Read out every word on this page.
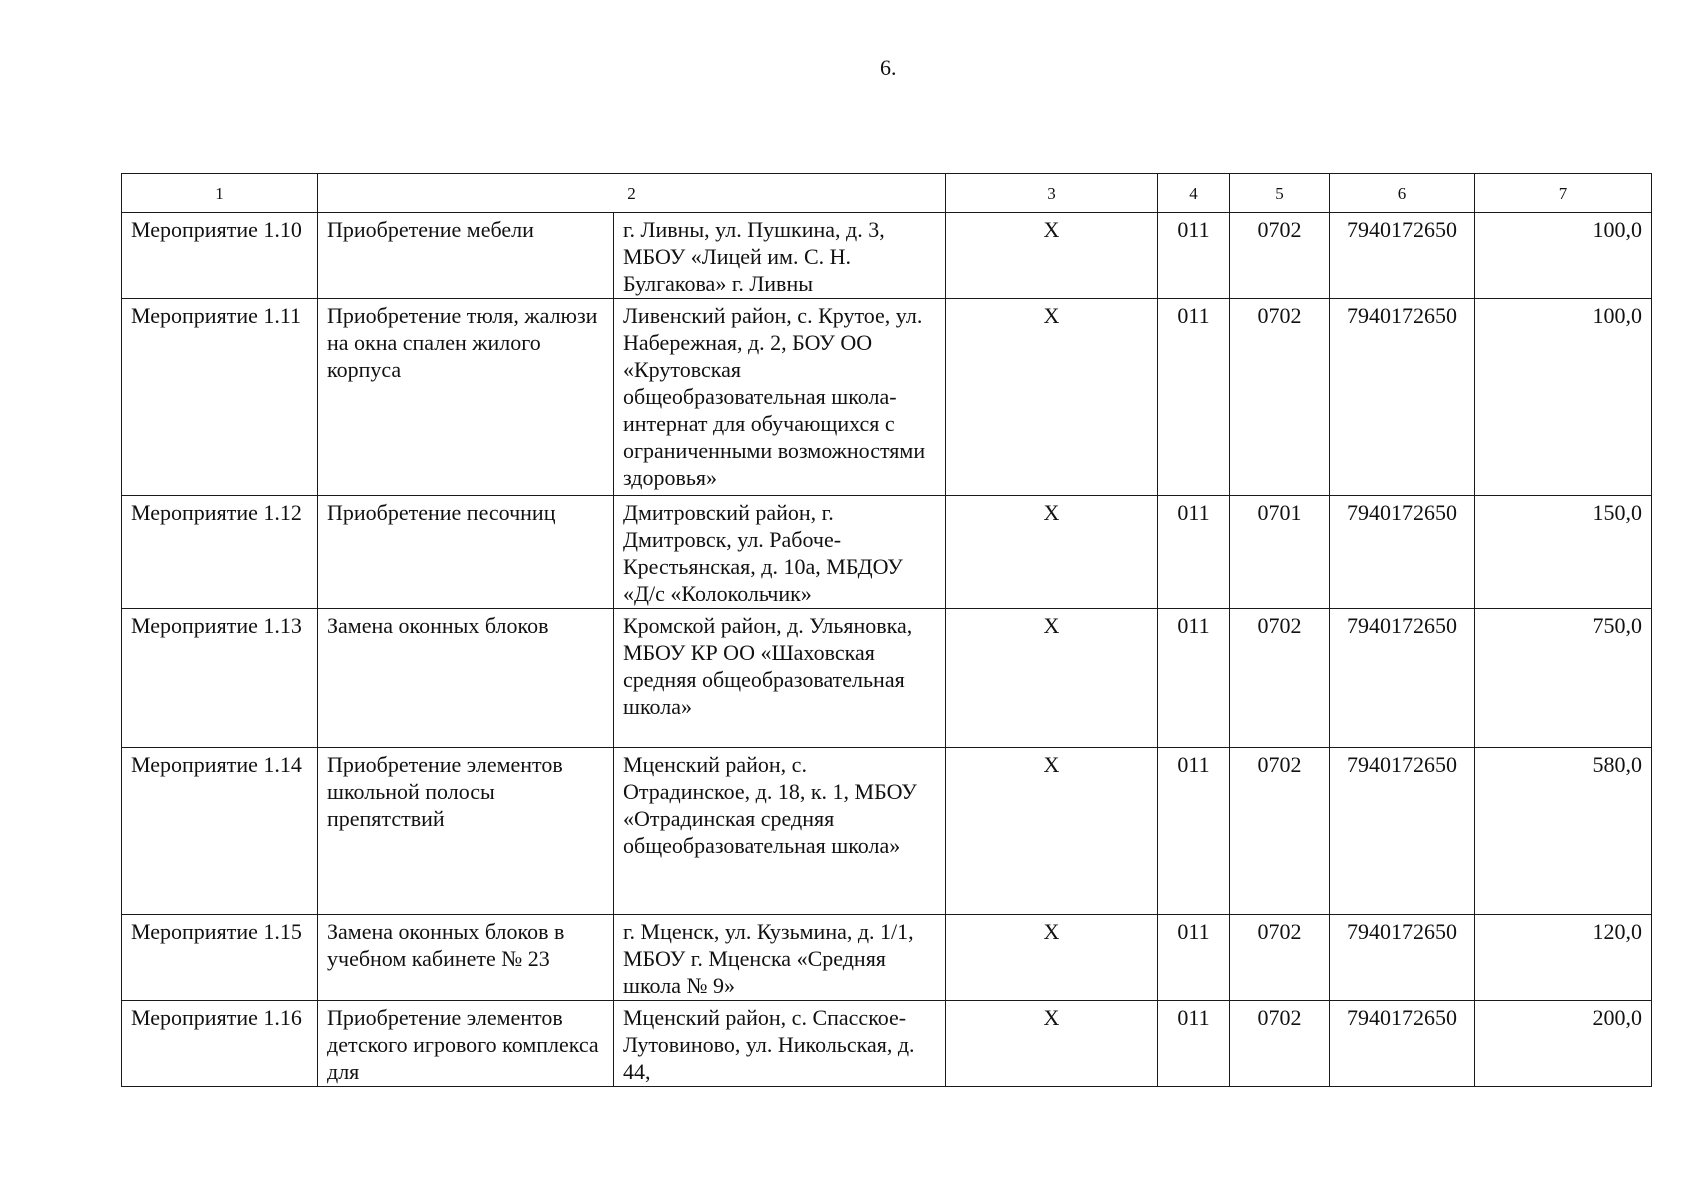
6.
1	2		3	4	5	6	7
Мероприятие 1.10	Приобретение мебели	г. Ливны, ул. Пушкина, д. 3, МБОУ «Лицей им. С. Н. Булгакова» г. Ливны	Х	011	0702	7940172650	100,0
Мероприятие 1.11	Приобретение тюля, жалюзи на окна спален жилого корпуса	Ливенский район, с. Крутое, ул. Набережная, д. 2, БОУ ОО «Крутовская общеобразовательная школа-интернат для обучающихся с ограниченными возможностями здоровья»	Х	011	0702	7940172650	100,0
Мероприятие 1.12	Приобретение песочниц	Дмитровский район, г. Дмитровск, ул. Рабоче-Крестьянская, д. 10а, МБДОУ «Д/с «Колокольчик»	Х	011	0701	7940172650	150,0
Мероприятие 1.13	Замена оконных блоков	Кромской район, д. Ульяновка, МБОУ КР ОО «Шаховская средняя общеобразовательная школа»	Х	011	0702	7940172650	750,0
Мероприятие 1.14	Приобретение элементов школьной полосы препятствий	Мценский район, с. Отрадинское, д. 18, к. 1, МБОУ «Отрадинская средняя общеобразовательная школа»	Х	011	0702	7940172650	580,0
Мероприятие 1.15	Замена оконных блоков в учебном кабинете № 23	г. Мценск, ул. Кузьмина, д. 1/1, МБОУ г. Мценска «Средняя школа № 9»	Х	011	0702	7940172650	120,0
Мероприятие 1.16	Приобретение элементов детского игрового комплекса для	Мценский район, с. Спасское-Лутовиново, ул. Никольская, д. 44,	Х	011	0702	7940172650	200,0
